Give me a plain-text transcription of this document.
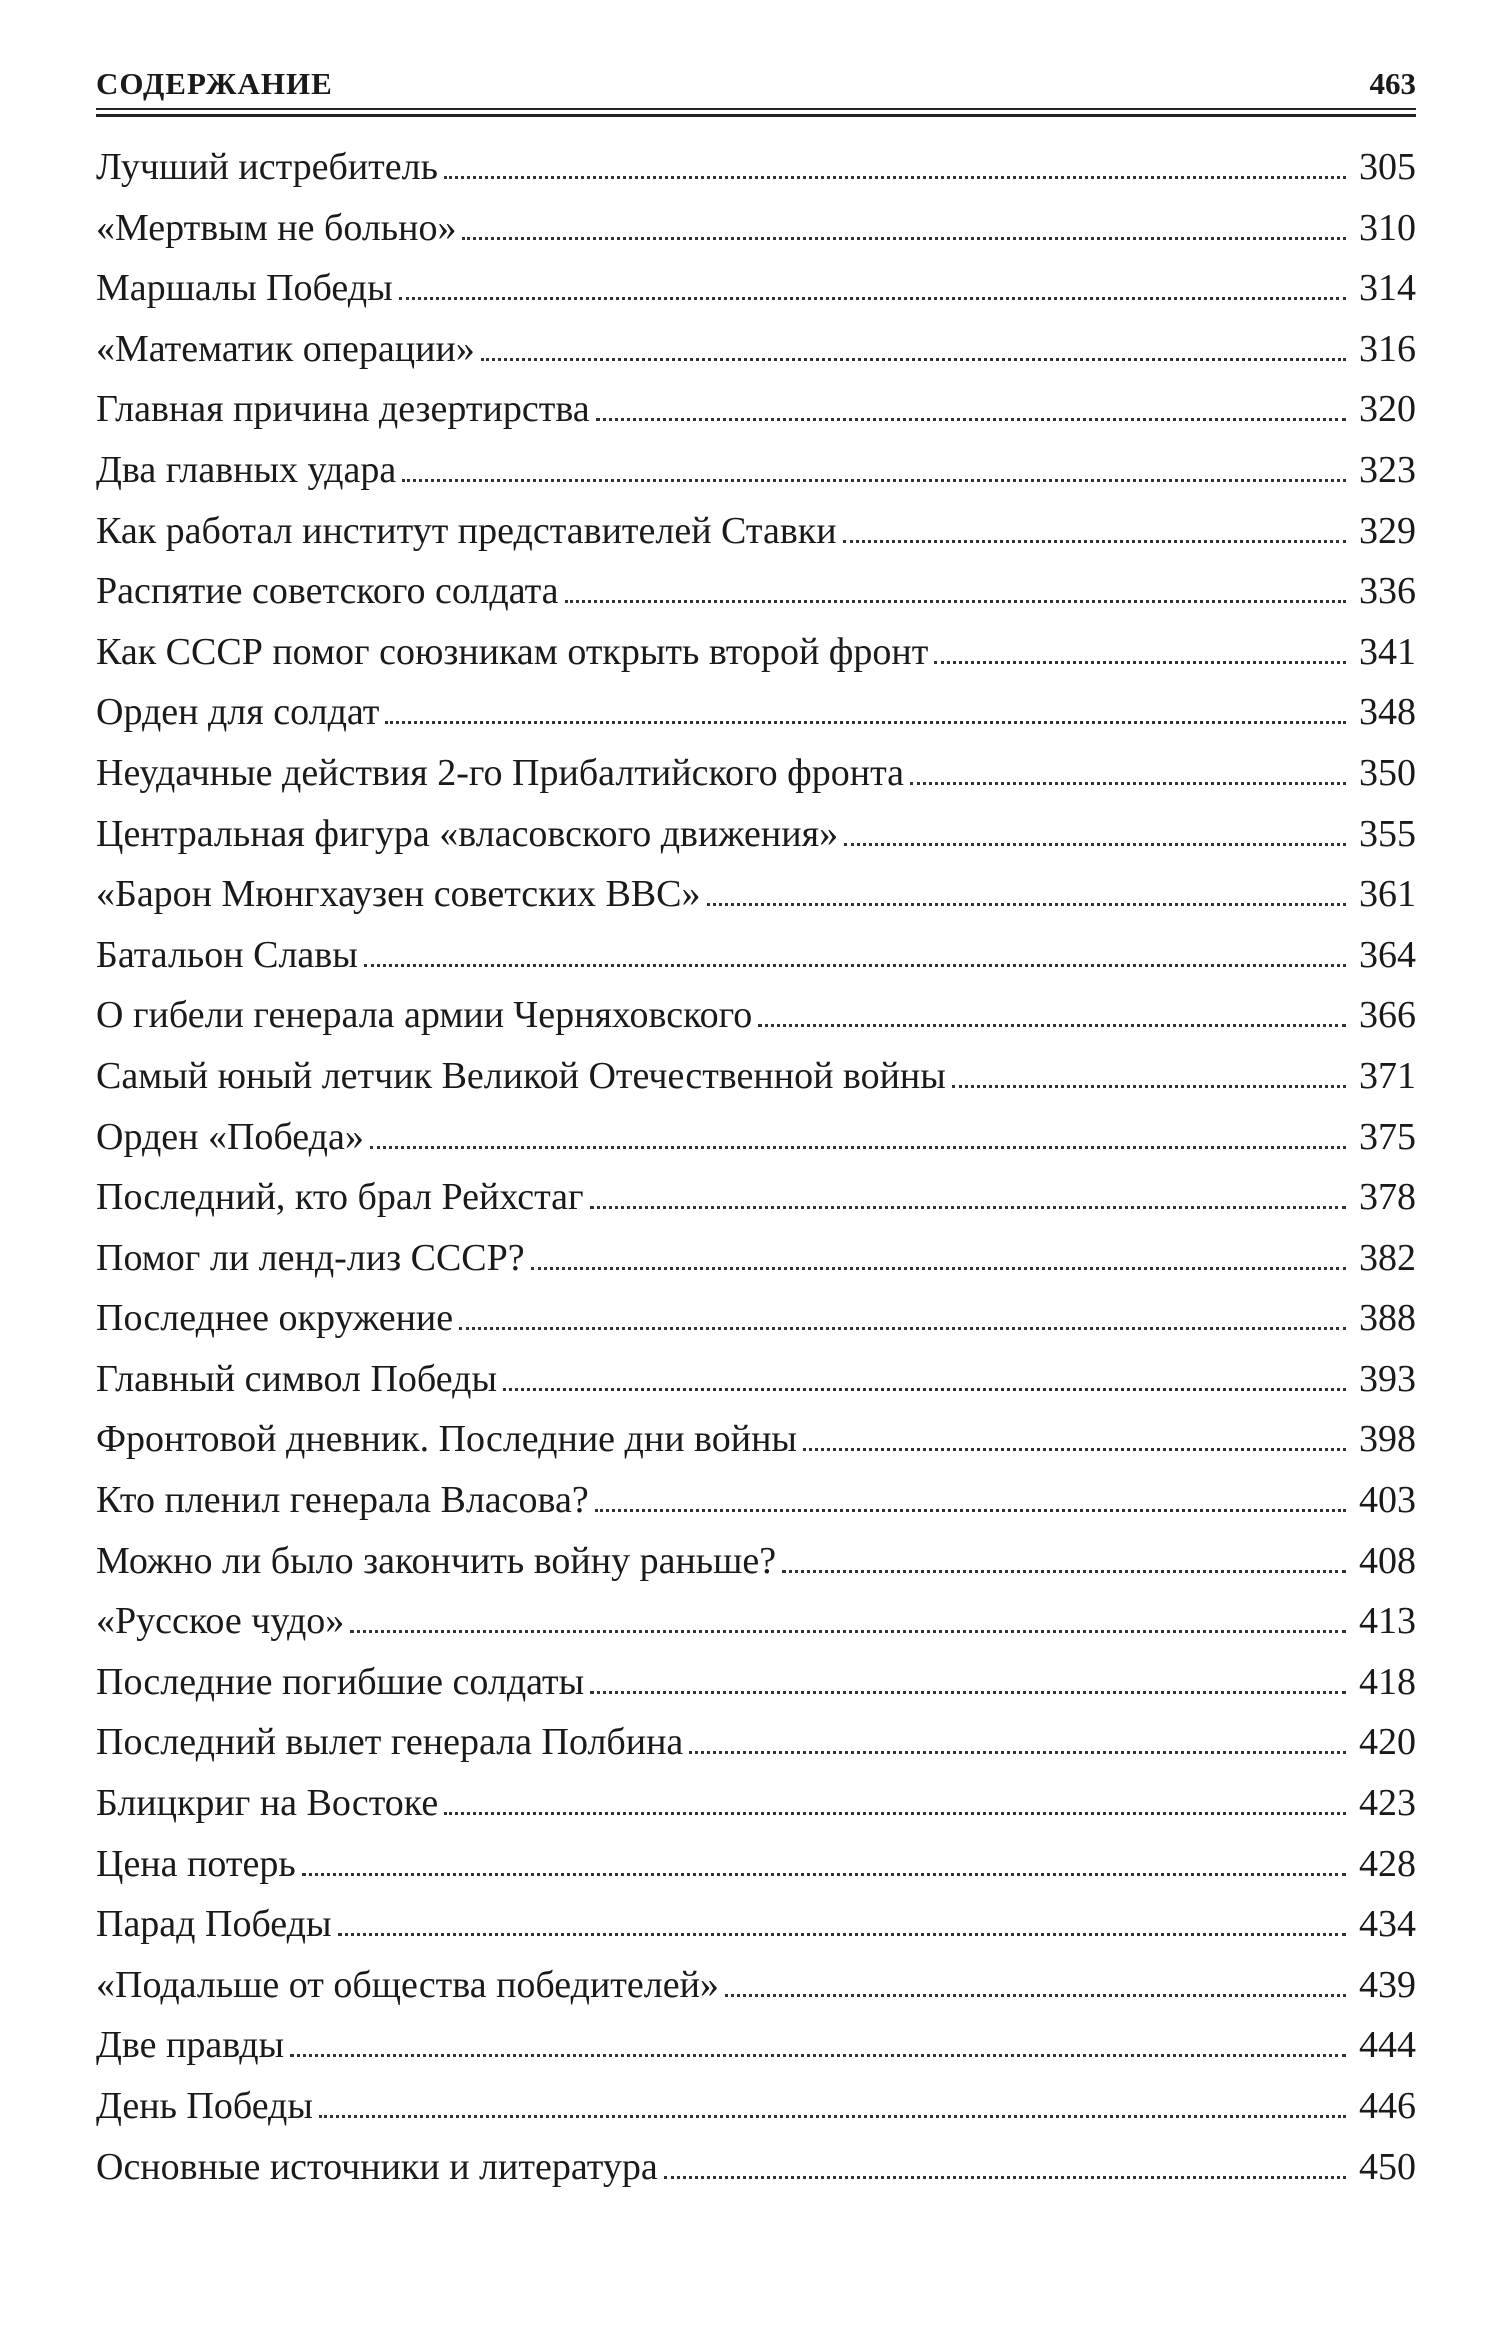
СОДЕРЖАНИЕ	463
Лучший истребитель	305
«Мертвым не больно»	310
Маршалы Победы	314
«Математик операции»	316
Главная причина дезертирства	320
Два главных удара	323
Как работал институт представителей Ставки	329
Распятие советского солдата	336
Как СССР помог союзникам открыть второй фронт	341
Орден для солдат	348
Неудачные действия 2-го Прибалтийского фронта	350
Центральная фигура «власовского движения»	355
«Барон Мюнгхаузен советских ВВС»	361
Батальон Славы	364
О гибели генерала армии Черняховского	366
Самый юный летчик Великой Отечественной войны	371
Орден «Победа»	375
Последний, кто брал Рейхстаг	378
Помог ли ленд-лиз СССР?	382
Последнее окружение	388
Главный символ Победы	393
Фронтовой дневник. Последние дни войны	398
Кто пленил генерала Власова?	403
Можно ли было закончить войну раньше?	408
«Русское чудо»	413
Последние погибшие солдаты	418
Последний вылет генерала Полбина	420
Блицкриг на Востоке	423
Цена потерь	428
Парад Победы	434
«Подальше от общества победителей»	439
Две правды	444
День Победы	446
Основные источники и литература	450
